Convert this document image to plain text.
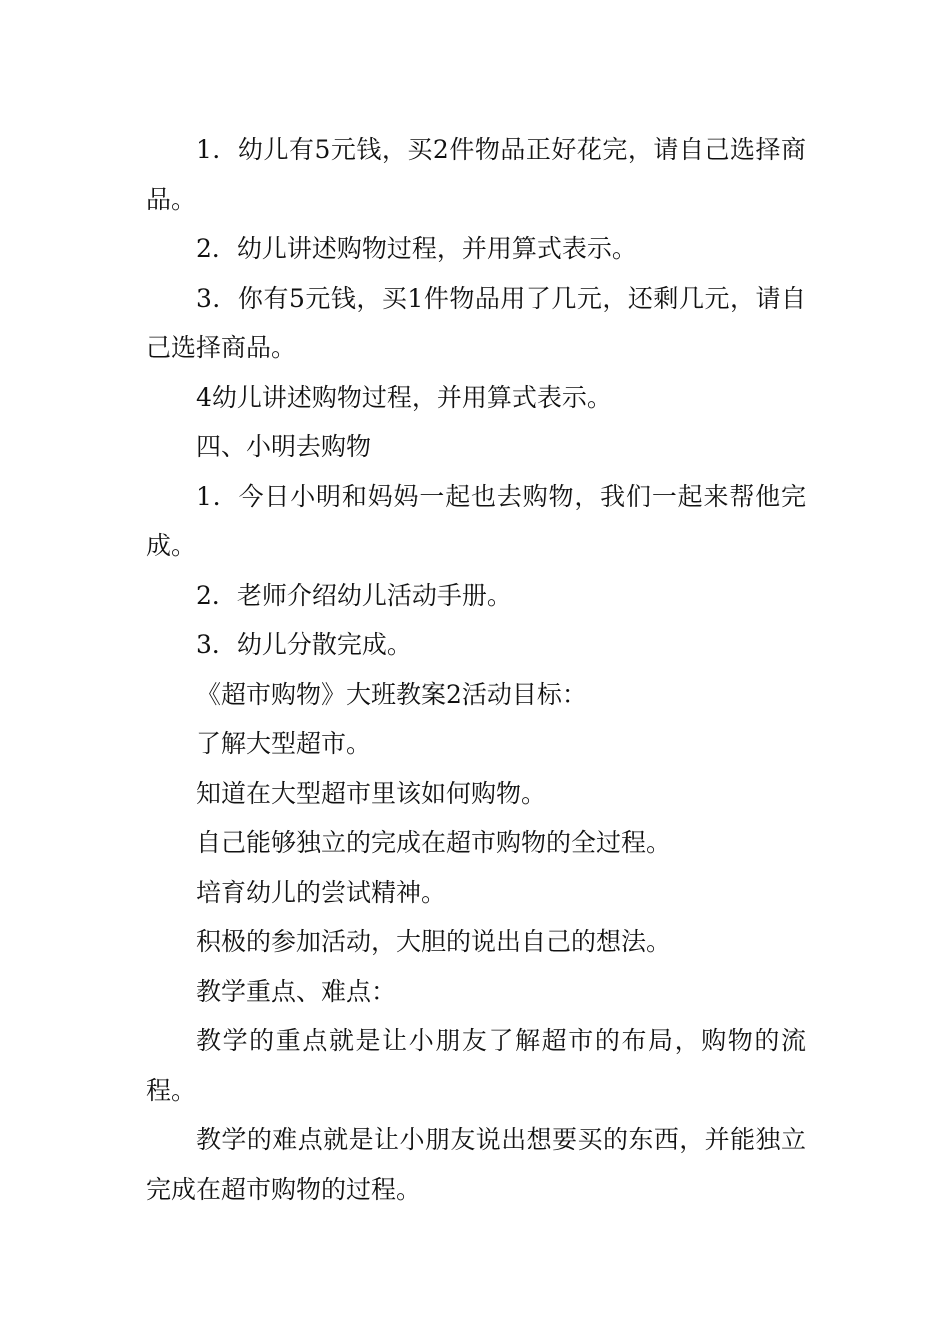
1．幼儿有5元钱，买2件物品正好花完，请自己选择商品。

2．幼儿讲述购物过程，并用算式表示。

3．你有5元钱，买1件物品用了几元，还剩几元，请自己选择商品。

4幼儿讲述购物过程，并用算式表示。

四、小明去购物

1．今日小明和妈妈一起也去购物，我们一起来帮他完成。

2．老师介绍幼儿活动手册。

3．幼儿分散完成。

《超市购物》大班教案2活动目标：

了解大型超市。

知道在大型超市里该如何购物。

自己能够独立的完成在超市购物的全过程。

培育幼儿的尝试精神。

积极的参加活动，大胆的说出自己的想法。

教学重点、难点：

教学的重点就是让小朋友了解超市的布局，购物的流程。

教学的难点就是让小朋友说出想要买的东西，并能独立完成在超市购物的过程。
